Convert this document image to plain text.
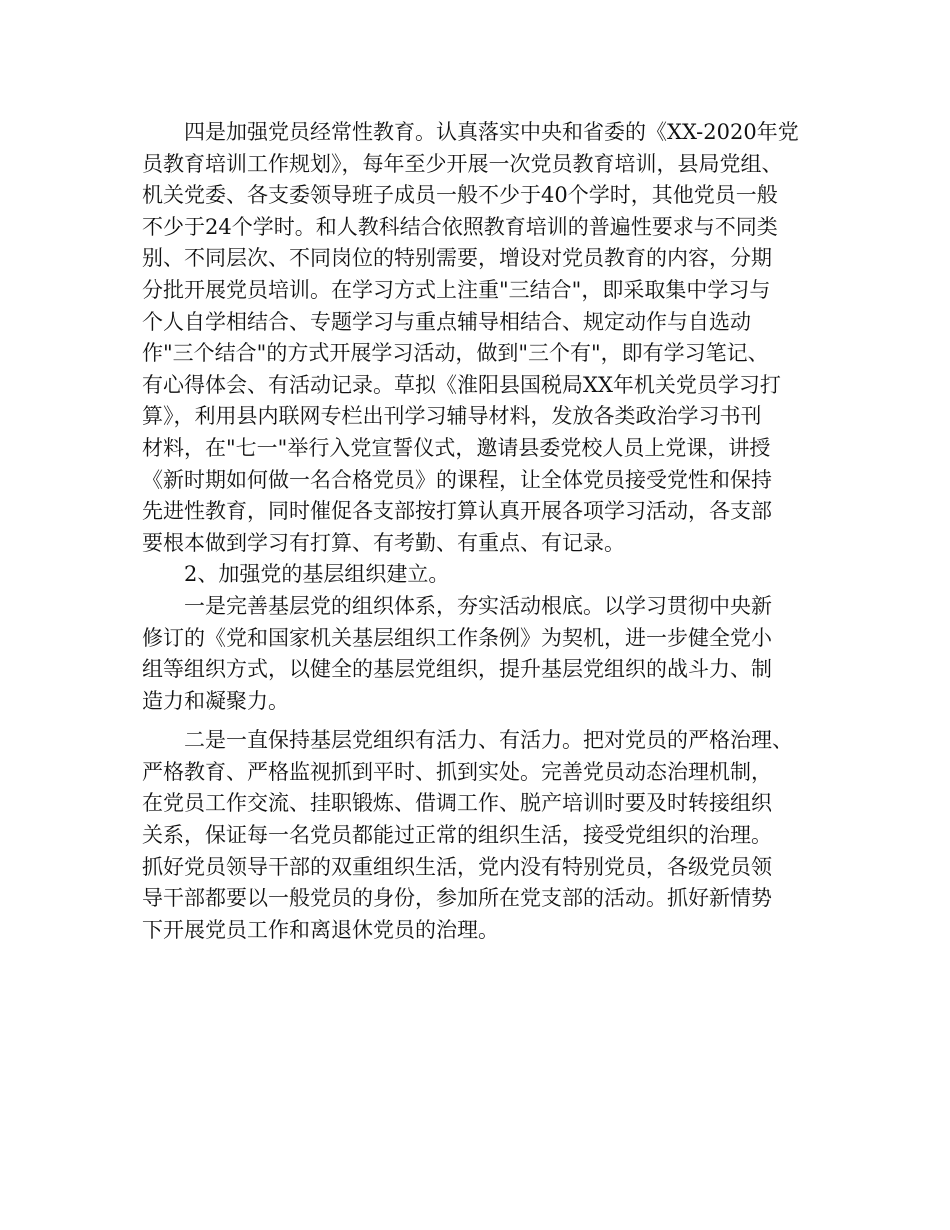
四是加强党员经常性教育。认真落实中央和省委的《XX-2020年党
员教育培训工作规划》，每年至少开展一次党员教育培训，县局党组、
机关党委、各支委领导班子成员一般不少于40个学时，其他党员一般
不少于24个学时。和人教科结合依照教育培训的普遍性要求与不同类
别、不同层次、不同岗位的特别需要，增设对党员教育的内容，分期
分批开展党员培训。在学习方式上注重"三结合"，即采取集中学习与
个人自学相结合、专题学习与重点辅导相结合、规定动作与自选动
作"三个结合"的方式开展学习活动，做到"三个有"，即有学习笔记、
有心得体会、有活动记录。草拟《淮阳县国税局XX年机关党员学习打
算》，利用县内联网专栏出刊学习辅导材料，发放各类政治学习书刊
材料，在"七一"举行入党宣誓仪式，邀请县委党校人员上党课，讲授
《新时期如何做一名合格党员》的课程，让全体党员接受党性和保持
先进性教育，同时催促各支部按打算认真开展各项学习活动，各支部
要根本做到学习有打算、有考勤、有重点、有记录。
2、加强党的基层组织建立。
一是完善基层党的组织体系，夯实活动根底。以学习贯彻中央新
修订的《党和国家机关基层组织工作条例》为契机，进一步健全党小
组等组织方式，以健全的基层党组织，提升基层党组织的战斗力、制
造力和凝聚力。
二是一直保持基层党组织有活力、有活力。把对党员的严格治理、
严格教育、严格监视抓到平时、抓到实处。完善党员动态治理机制，
在党员工作交流、挂职锻炼、借调工作、脱产培训时要及时转接组织
关系，保证每一名党员都能过正常的组织生活，接受党组织的治理。
抓好党员领导干部的双重组织生活，党内没有特别党员，各级党员领
导干部都要以一般党员的身份，参加所在党支部的活动。抓好新情势
下开展党员工作和离退休党员的治理。
